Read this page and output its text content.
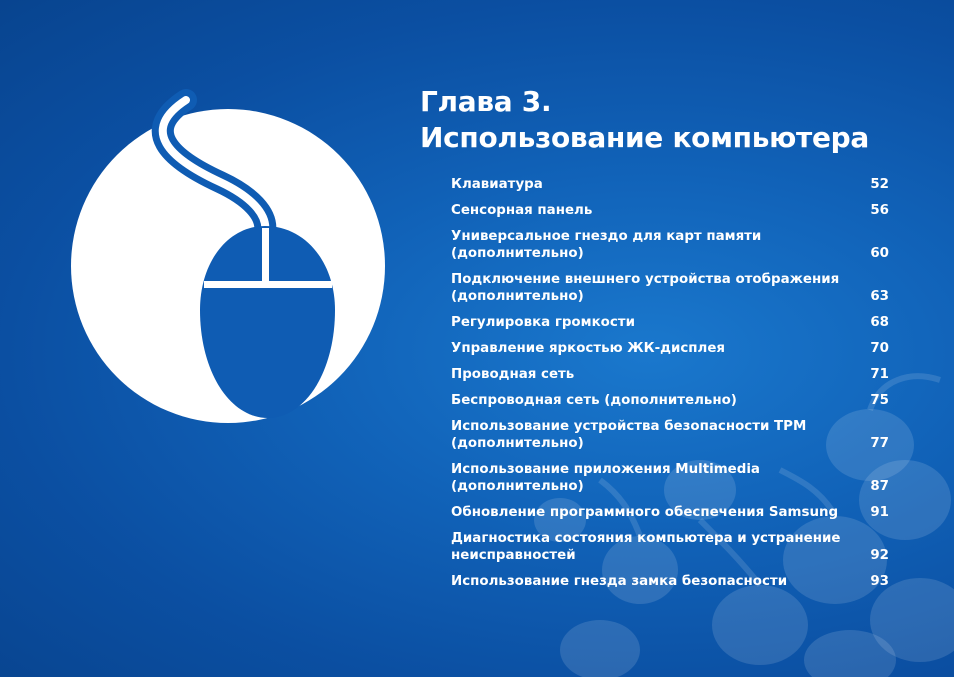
Глава 3.
Использование компьютера
Клавиатура	52
Сенсорная панель	56
Универсальное гнездо для карт памяти
(дополнительно)	60
Подключение внешнего устройства отображения
(дополнительно)	63
Регулировка громкости	68
Управление яркостью ЖК-дисплея	70
Проводная сеть	71
Беспроводная сеть (дополнительно)	75
Использование устройства безопасности TPM
(дополнительно)	77
Использование приложения Multimedia
(дополнительно)	87
Обновление программного обеспечения Samsung	91
Диагностика состояния компьютера и устранение
неисправностей	92
Использование гнезда замка безопасности	93
